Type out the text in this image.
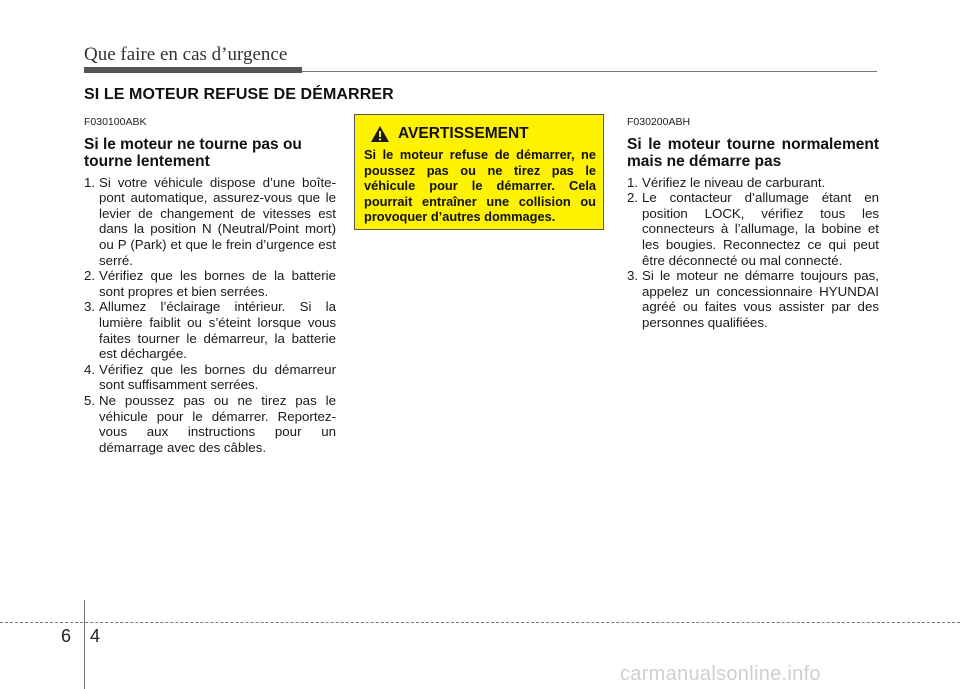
Que faire en cas d’urgence
SI LE MOTEUR REFUSE DE DÉMARRER
F030100ABK
Si le moteur ne tourne pas ou tourne lentement
1. Si votre véhicule dispose d’une boîte-pont automatique, assurez-vous que le levier de changement de vitesses est dans la position N (Neutral/Point mort) ou P (Park) et que le frein d’urgence est serré.
2. Vérifiez que les bornes de la batterie sont propres et bien serrées.
3. Allumez l’éclairage intérieur. Si la lumière faiblit ou s’éteint lorsque vous faites tourner le démarreur, la batterie est déchargée.
4. Vérifiez que les bornes du démarreur sont suffisamment serrées.
5. Ne poussez pas ou ne tirez pas le véhicule pour le démarrer. Reportez-vous aux instructions pour un démarrage avec des câbles.
AVERTISSEMENT
Si le moteur refuse de démarrer, ne poussez pas ou ne tirez pas le véhicule pour le démarrer. Cela pourrait entraîner une collision ou provoquer d’autres dommages.
F030200ABH
Si le moteur tourne normalement mais ne démarre pas
1. Vérifiez le niveau de carburant.
2. Le contacteur d’allumage étant en position LOCK, vérifiez tous les connecteurs à l’allumage, la bobine et les bougies. Reconnectez ce qui peut être déconnecté ou mal connecté.
3. Si le moteur ne démarre toujours pas, appelez un concessionnaire HYUNDAI agréé ou faites vous assister par des personnes qualifiées.
6 4
carmanualsonline.info
